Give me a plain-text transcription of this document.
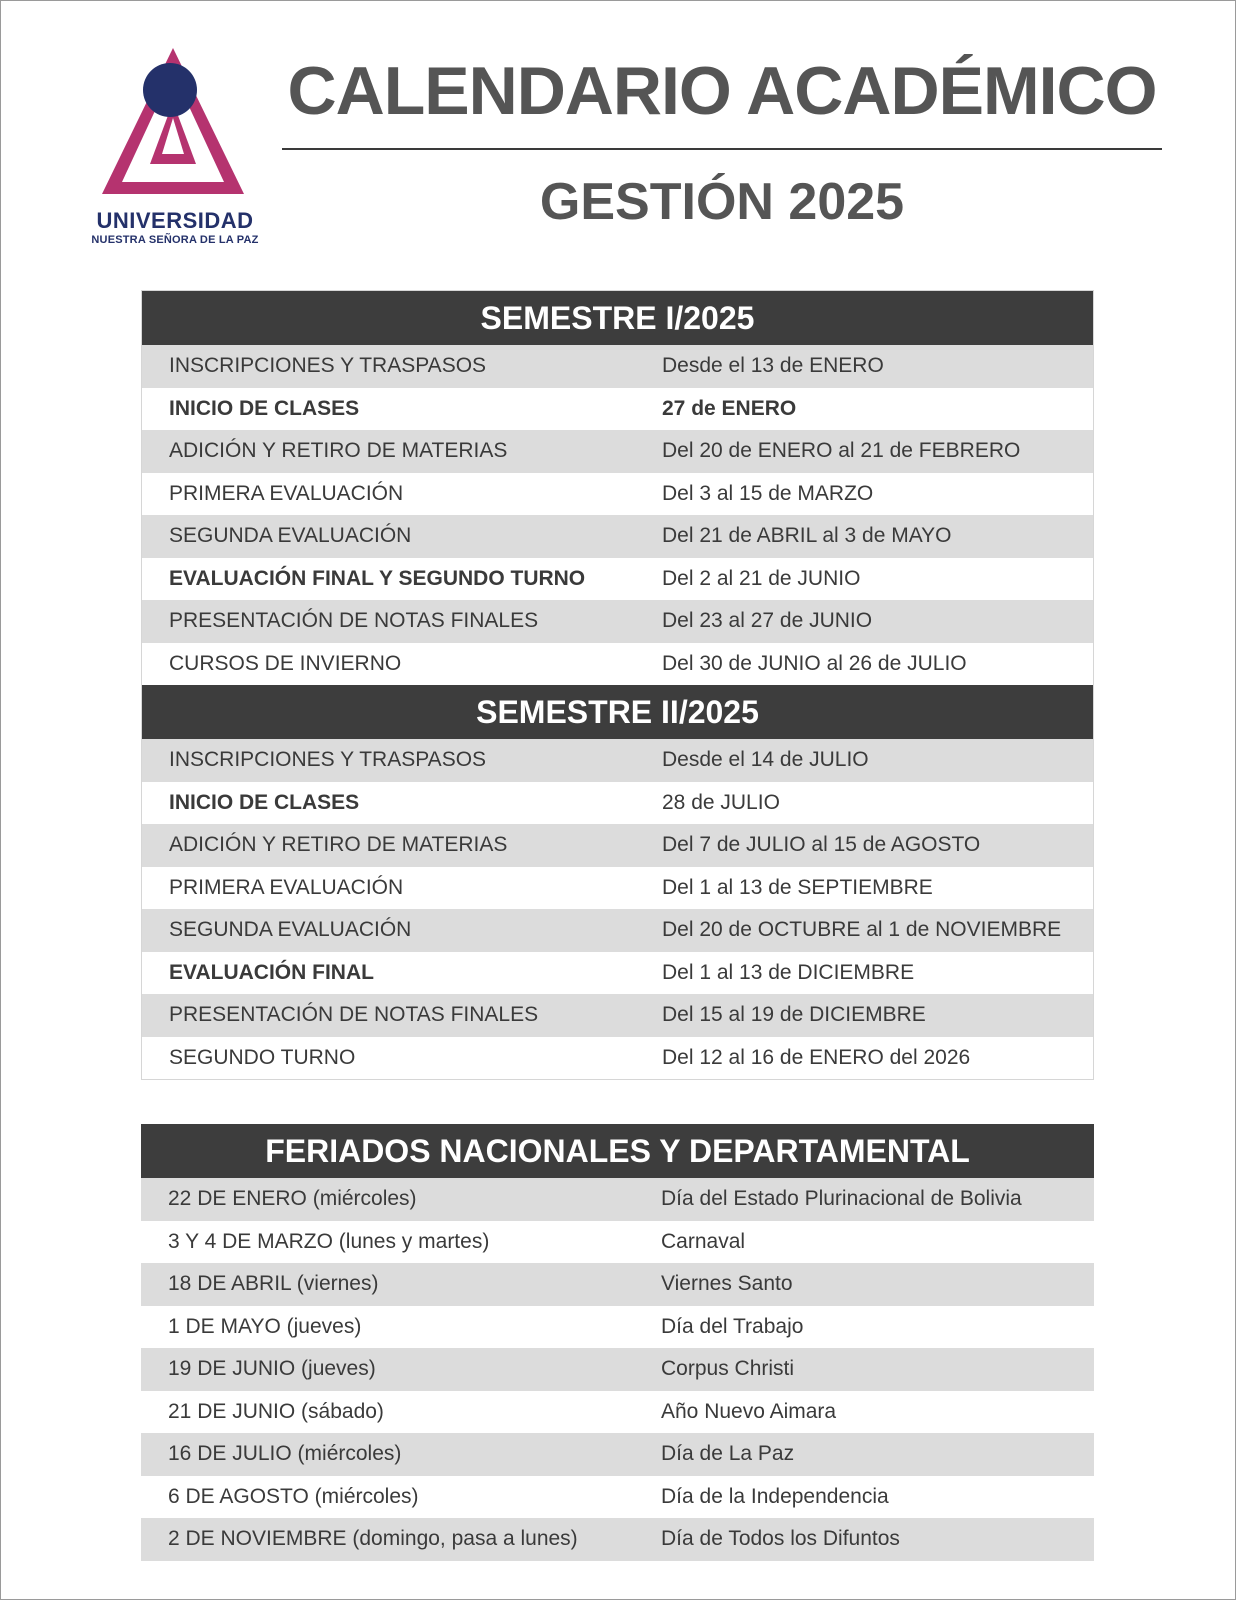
UNIVERSIDAD
NUESTRA SEÑORA DE LA PAZ
CALENDARIO ACADÉMICO
GESTIÓN 2025
SEMESTRE I/2025
INSCRIPCIONES Y TRASPASOS	Desde el 13 de ENERO
INICIO DE CLASES	27 de ENERO
ADICIÓN Y RETIRO DE MATERIAS	Del 20 de ENERO al 21 de FEBRERO
PRIMERA EVALUACIÓN	Del 3 al 15 de MARZO
SEGUNDA EVALUACIÓN	Del 21 de ABRIL al 3 de MAYO
EVALUACIÓN FINAL Y SEGUNDO TURNO	Del 2 al 21 de JUNIO
PRESENTACIÓN DE NOTAS FINALES	Del 23 al 27 de JUNIO
CURSOS DE INVIERNO	Del 30 de JUNIO al 26 de JULIO
SEMESTRE II/2025
INSCRIPCIONES Y TRASPASOS	Desde el 14 de JULIO
INICIO DE CLASES	28 de JULIO
ADICIÓN Y RETIRO DE MATERIAS	Del 7 de JULIO al 15 de AGOSTO
PRIMERA EVALUACIÓN	Del 1 al 13 de SEPTIEMBRE
SEGUNDA EVALUACIÓN	Del 20 de OCTUBRE al 1 de NOVIEMBRE
EVALUACIÓN FINAL	Del 1 al 13 de DICIEMBRE
PRESENTACIÓN DE NOTAS FINALES	Del 15 al 19 de DICIEMBRE
SEGUNDO TURNO	Del 12 al 16 de ENERO del 2026
FERIADOS NACIONALES Y DEPARTAMENTAL
22 DE ENERO (miércoles)	Día del Estado Plurinacional de Bolivia
3 Y 4 DE MARZO (lunes y martes)	Carnaval
18 DE ABRIL (viernes)	Viernes Santo
1 DE MAYO (jueves)	Día del Trabajo
19 DE JUNIO (jueves)	Corpus Christi
21 DE JUNIO (sábado)	Año Nuevo Aimara
16 DE JULIO (miércoles)	Día de La Paz
6 DE AGOSTO (miércoles)	Día de la Independencia
2 DE NOVIEMBRE (domingo, pasa a lunes)	Día de Todos los Difuntos
